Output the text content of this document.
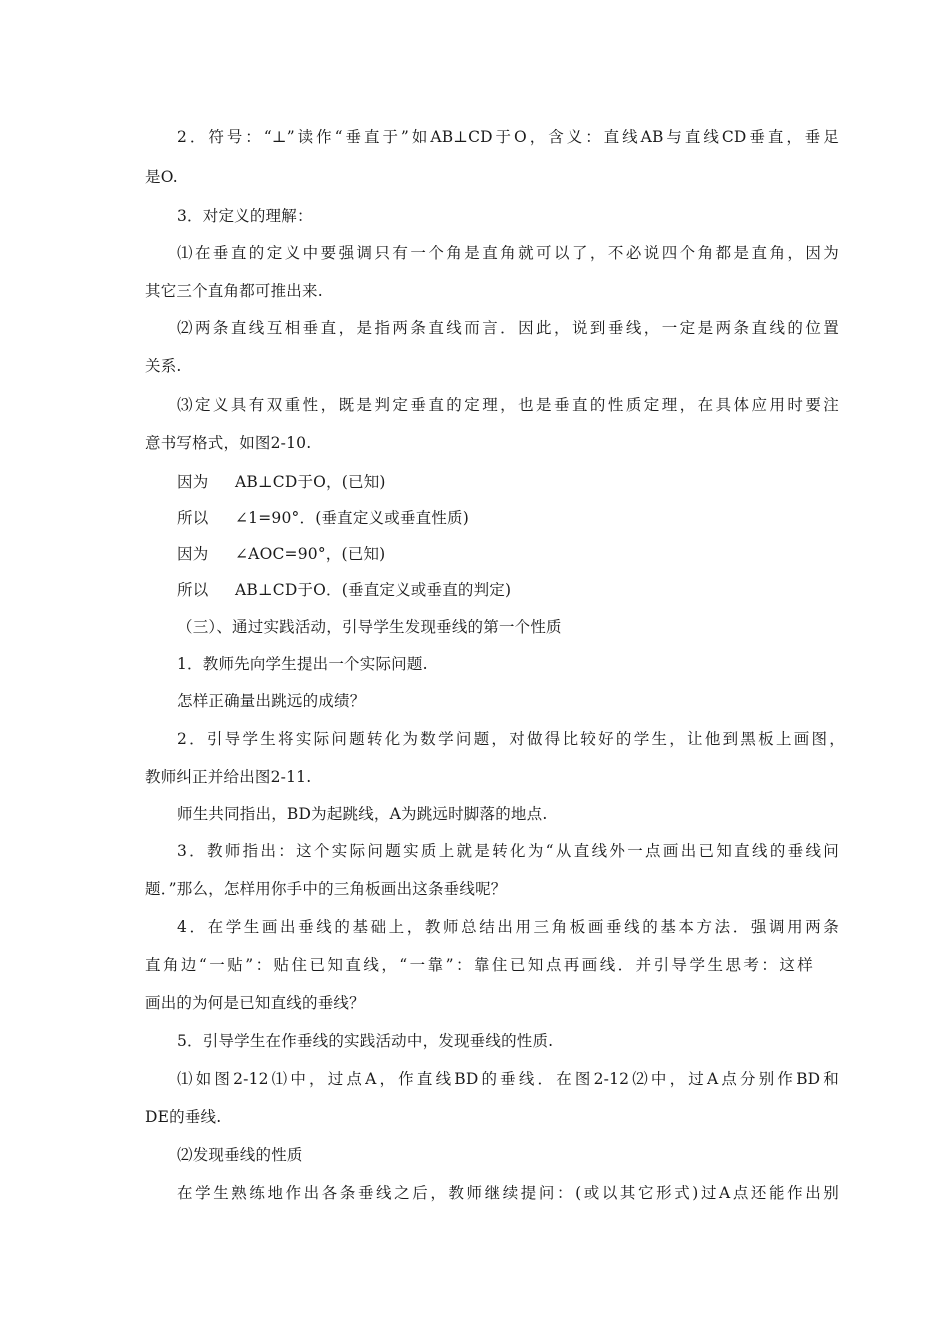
2．符号：“⊥”读作“垂直于”如AB⊥CD于O，含义：直线AB与直线CD垂直，垂足
是O.
3．对定义的理解：
⑴在垂直的定义中要强调只有一个角是直角就可以了，不必说四个角都是直角，因为
其它三个直角都可推出来.
⑵两条直线互相垂直，是指两条直线而言．因此，说到垂线，一定是两条直线的位置
关系.
⑶定义具有双重性，既是判定垂直的定理，也是垂直的性质定理，在具体应用时要注
意书写格式，如图2-10.
因为 AB⊥CD于O，(已知)
所以∠1=90°．(垂直定义或垂直性质)
因为∠AOC=90°，(已知)
所以 AB⊥CD于O．(垂直定义或垂直的判定)
（三）、通过实践活动，引导学生发现垂线的第一个性质
1．教师先向学生提出一个实际问题.
怎样正确量出跳远的成绩？
2．引导学生将实际问题转化为数学问题，对做得比较好的学生，让他到黑板上画图，
教师纠正并给出图2-11.
师生共同指出，BD为起跳线，A为跳远时脚落的地点.
3．教师指出：这个实际问题实质上就是转化为“从直线外一点画出已知直线的垂线问
题．”那么，怎样用你手中的三角板画出这条垂线呢？
4．在学生画出垂线的基础上，教师总结出用三角板画垂线的基本方法．强调用两条
直角边“一贴”：贴住已知直线，“一靠”：靠住已知点再画线．并引导学生思考：这样
画出的为何是已知直线的垂线？
5．引导学生在作垂线的实践活动中，发现垂线的性质.
⑴如图2-12⑴中，过点A，作直线BD的垂线．在图2-12⑵中，过A点分别作BD和
DE的垂线.
⑵发现垂线的性质
在学生熟练地作出各条垂线之后，教师继续提问：(或以其它形式)过A点还能作出别
